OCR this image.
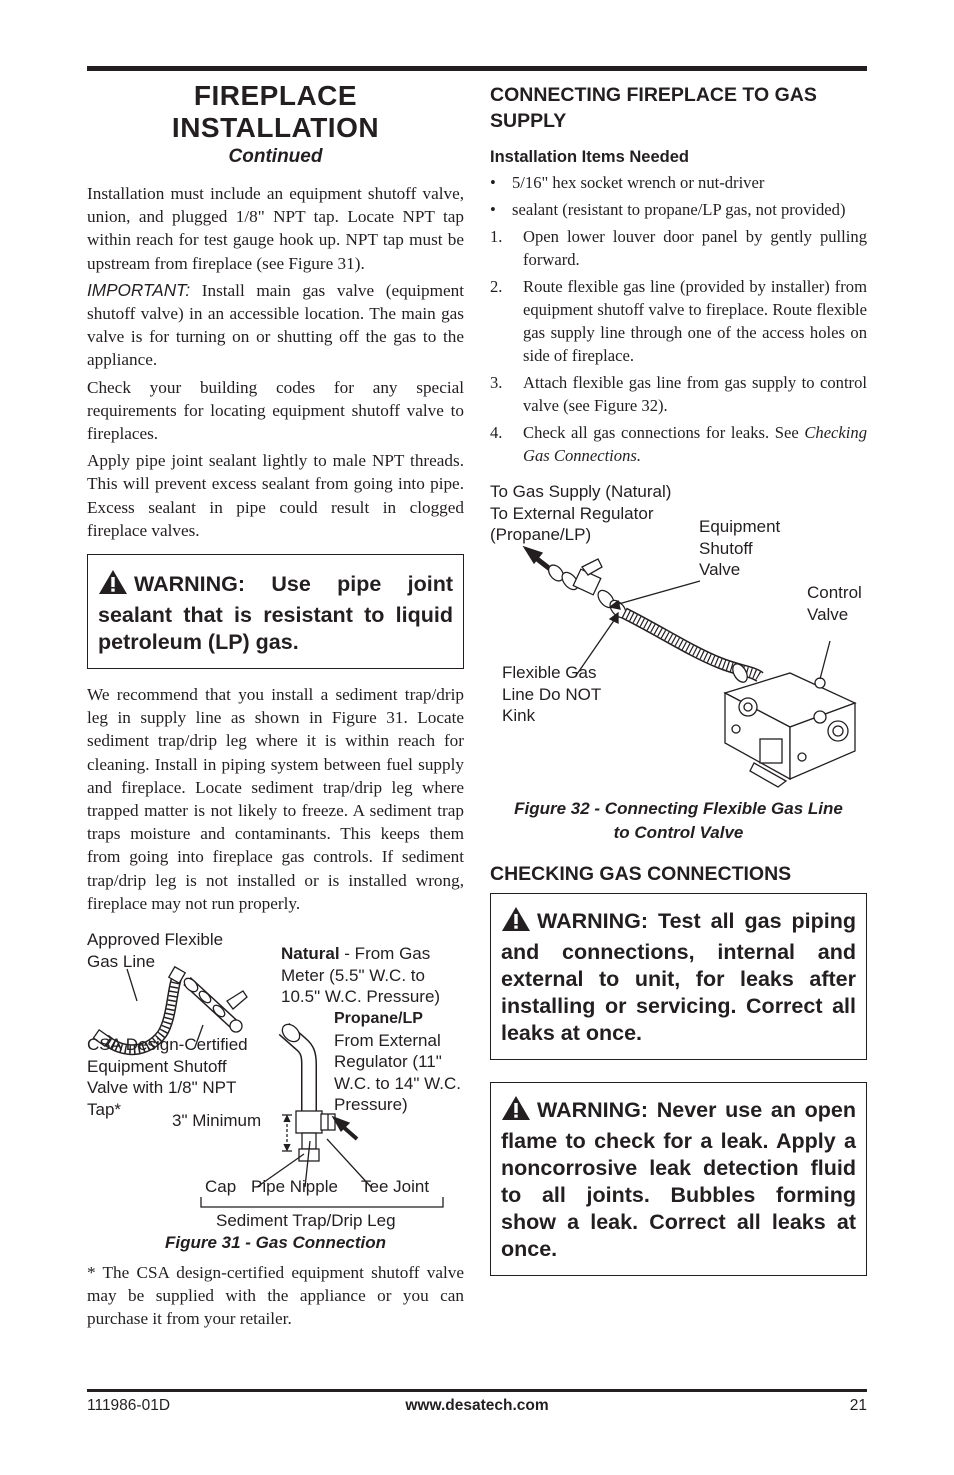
FIREPLACE
INSTALLATION
Continued

Installation must include an equipment shutoff valve, union, and plugged 1/8" NPT tap. Locate NPT tap within reach for test gauge hook up. NPT tap must be upstream from fireplace (see Figure 31).

IMPORTANT: Install main gas valve (equipment shutoff valve) in an accessible location. The main gas valve is for turning on or shutting off the gas to the appliance.

Check your building codes for any special requirements for locating equipment shutoff valve to fireplaces.

Apply pipe joint sealant lightly to male NPT threads. This will prevent excess sealant from going into pipe. Excess sealant in pipe could result in clogged fireplace valves.

WARNING: Use pipe joint sealant that is resistant to liquid petroleum (LP) gas.

We recommend that you install a sediment trap/drip leg in supply line as shown in Figure 31. Locate sediment trap/drip leg where it is within reach for cleaning. Install in piping system between fuel supply and fireplace. Locate sediment trap/drip leg where trapped matter is not likely to freeze. A sediment trap traps moisture and contaminants. This keeps them from going into fireplace gas controls. If sediment trap/drip leg is not installed or is installed wrong, fireplace may not run properly.

Approved Flexible
Gas Line	Natural - From Gas
Meter (5.5" W.C. to
10.5" W.C. Pressure)
Propane/LP
From External
Regulator (11"
W.C. to 14" W.C.
Pressure)
CSA Design-Certified
Equipment Shutoff
Valve with 1/8" NPT
Tap*
3" Minimum
Cap Pipe Nipple Tee Joint
Sediment Trap/Drip Leg
Figure 31 - Gas Connection

* The CSA design-certified equipment shutoff valve may be supplied with the appliance or you can purchase it from your retailer.

CONNECTING FIREPLACE TO GAS SUPPLY
Installation Items Needed
• 5/16" hex socket wrench or nut-driver
• sealant (resistant to propane/LP gas, not provided)
1.	Open lower louver door panel by gently pulling forward.
2.	Route flexible gas line (provided by installer) from equipment shutoff valve to fireplace. Route flexible gas supply line through one of the access holes on side of fireplace.
3.	Attach flexible gas line from gas supply to control valve (see Figure 32).
4.	Check all gas connections for leaks. See Checking Gas Connections.
To Gas Supply (Natural)
To External Regulator
(Propane/LP)	Equipment
Shutoff
Valve
Control
Valve
Flexible Gas
Line Do NOT
Kink
Figure 32 - Connecting Flexible Gas Line
to Control Valve
CHECKING GAS CONNECTIONS
WARNING: Test all gas piping and connections, internal and external to unit, for leaks after installing or servicing. Correct all leaks at once.
WARNING: Never use an open flame to check for a leak. Apply a noncorrosive leak detection fluid to all joints. Bubbles forming show a leak. Correct all leaks at once.
111986-01D	www.desatech.com	21
